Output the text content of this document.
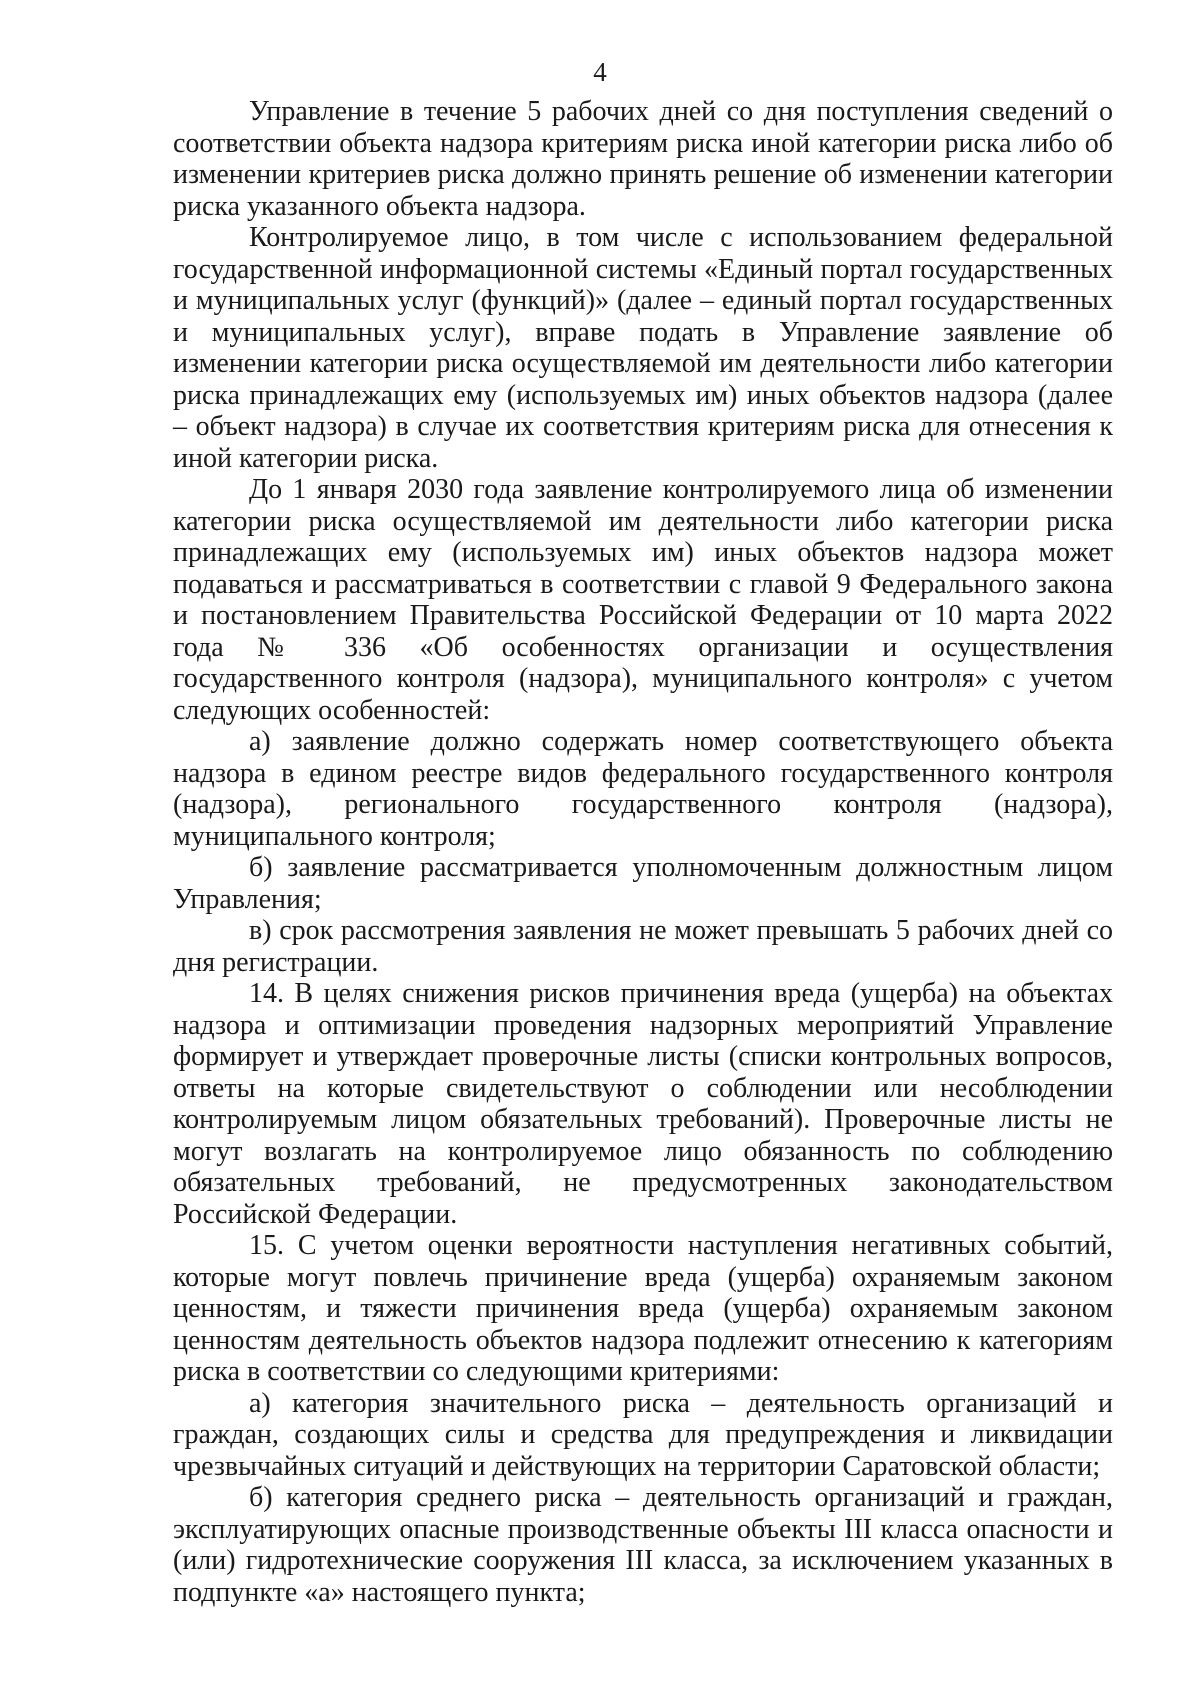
4

Управление в течение 5 рабочих дней со дня поступления сведений о соответствии объекта надзора критериям риска иной категории риска либо об изменении критериев риска должно принять решение об изменении категории риска указанного объекта надзора.

Контролируемое лицо, в том числе с использованием федеральной государственной информационной системы «Единый портал государственных и муниципальных услуг (функций)» (далее – единый портал государственных и муниципальных услуг), вправе подать в Управление заявление об изменении категории риска осуществляемой им деятельности либо категории риска принадлежащих ему (используемых им) иных объектов надзора (далее – объект надзора) в случае их соответствия критериям риска для отнесения к иной категории риска.

До 1 января 2030 года заявление контролируемого лица об изменении категории риска осуществляемой им деятельности либо категории риска принадлежащих ему (используемых им) иных объектов надзора может подаваться и рассматриваться в соответствии с главой 9 Федерального закона и постановлением Правительства Российской Федерации от 10 марта 2022 года № 336 «Об особенностях организации и осуществления государственного контроля (надзора), муниципального контроля» с учетом следующих особенностей:

а) заявление должно содержать номер соответствующего объекта надзора в едином реестре видов федерального государственного контроля (надзора), регионального государственного контроля (надзора), муниципального контроля;

б) заявление рассматривается уполномоченным должностным лицом Управления;

в) срок рассмотрения заявления не может превышать 5 рабочих дней со дня регистрации.

14. В целях снижения рисков причинения вреда (ущерба) на объектах надзора и оптимизации проведения надзорных мероприятий Управление формирует и утверждает проверочные листы (списки контрольных вопросов, ответы на которые свидетельствуют о соблюдении или несоблюдении контролируемым лицом обязательных требований). Проверочные листы не могут возлагать на контролируемое лицо обязанность по соблюдению обязательных требований, не предусмотренных законодательством Российской Федерации.

15. С учетом оценки вероятности наступления негативных событий, которые могут повлечь причинение вреда (ущерба) охраняемым законом ценностям, и тяжести причинения вреда (ущерба) охраняемым законом ценностям деятельность объектов надзора подлежит отнесению к категориям риска в соответствии со следующими критериями:

а) категория значительного риска – деятельность организаций и граждан, создающих силы и средства для предупреждения и ликвидации чрезвычайных ситуаций и действующих на территории Саратовской области;

б) категория среднего риска – деятельность организаций и граждан, эксплуатирующих опасные производственные объекты III класса опасности и (или) гидротехнические сооружения III класса, за исключением указанных в подпункте «а» настоящего пункта;
